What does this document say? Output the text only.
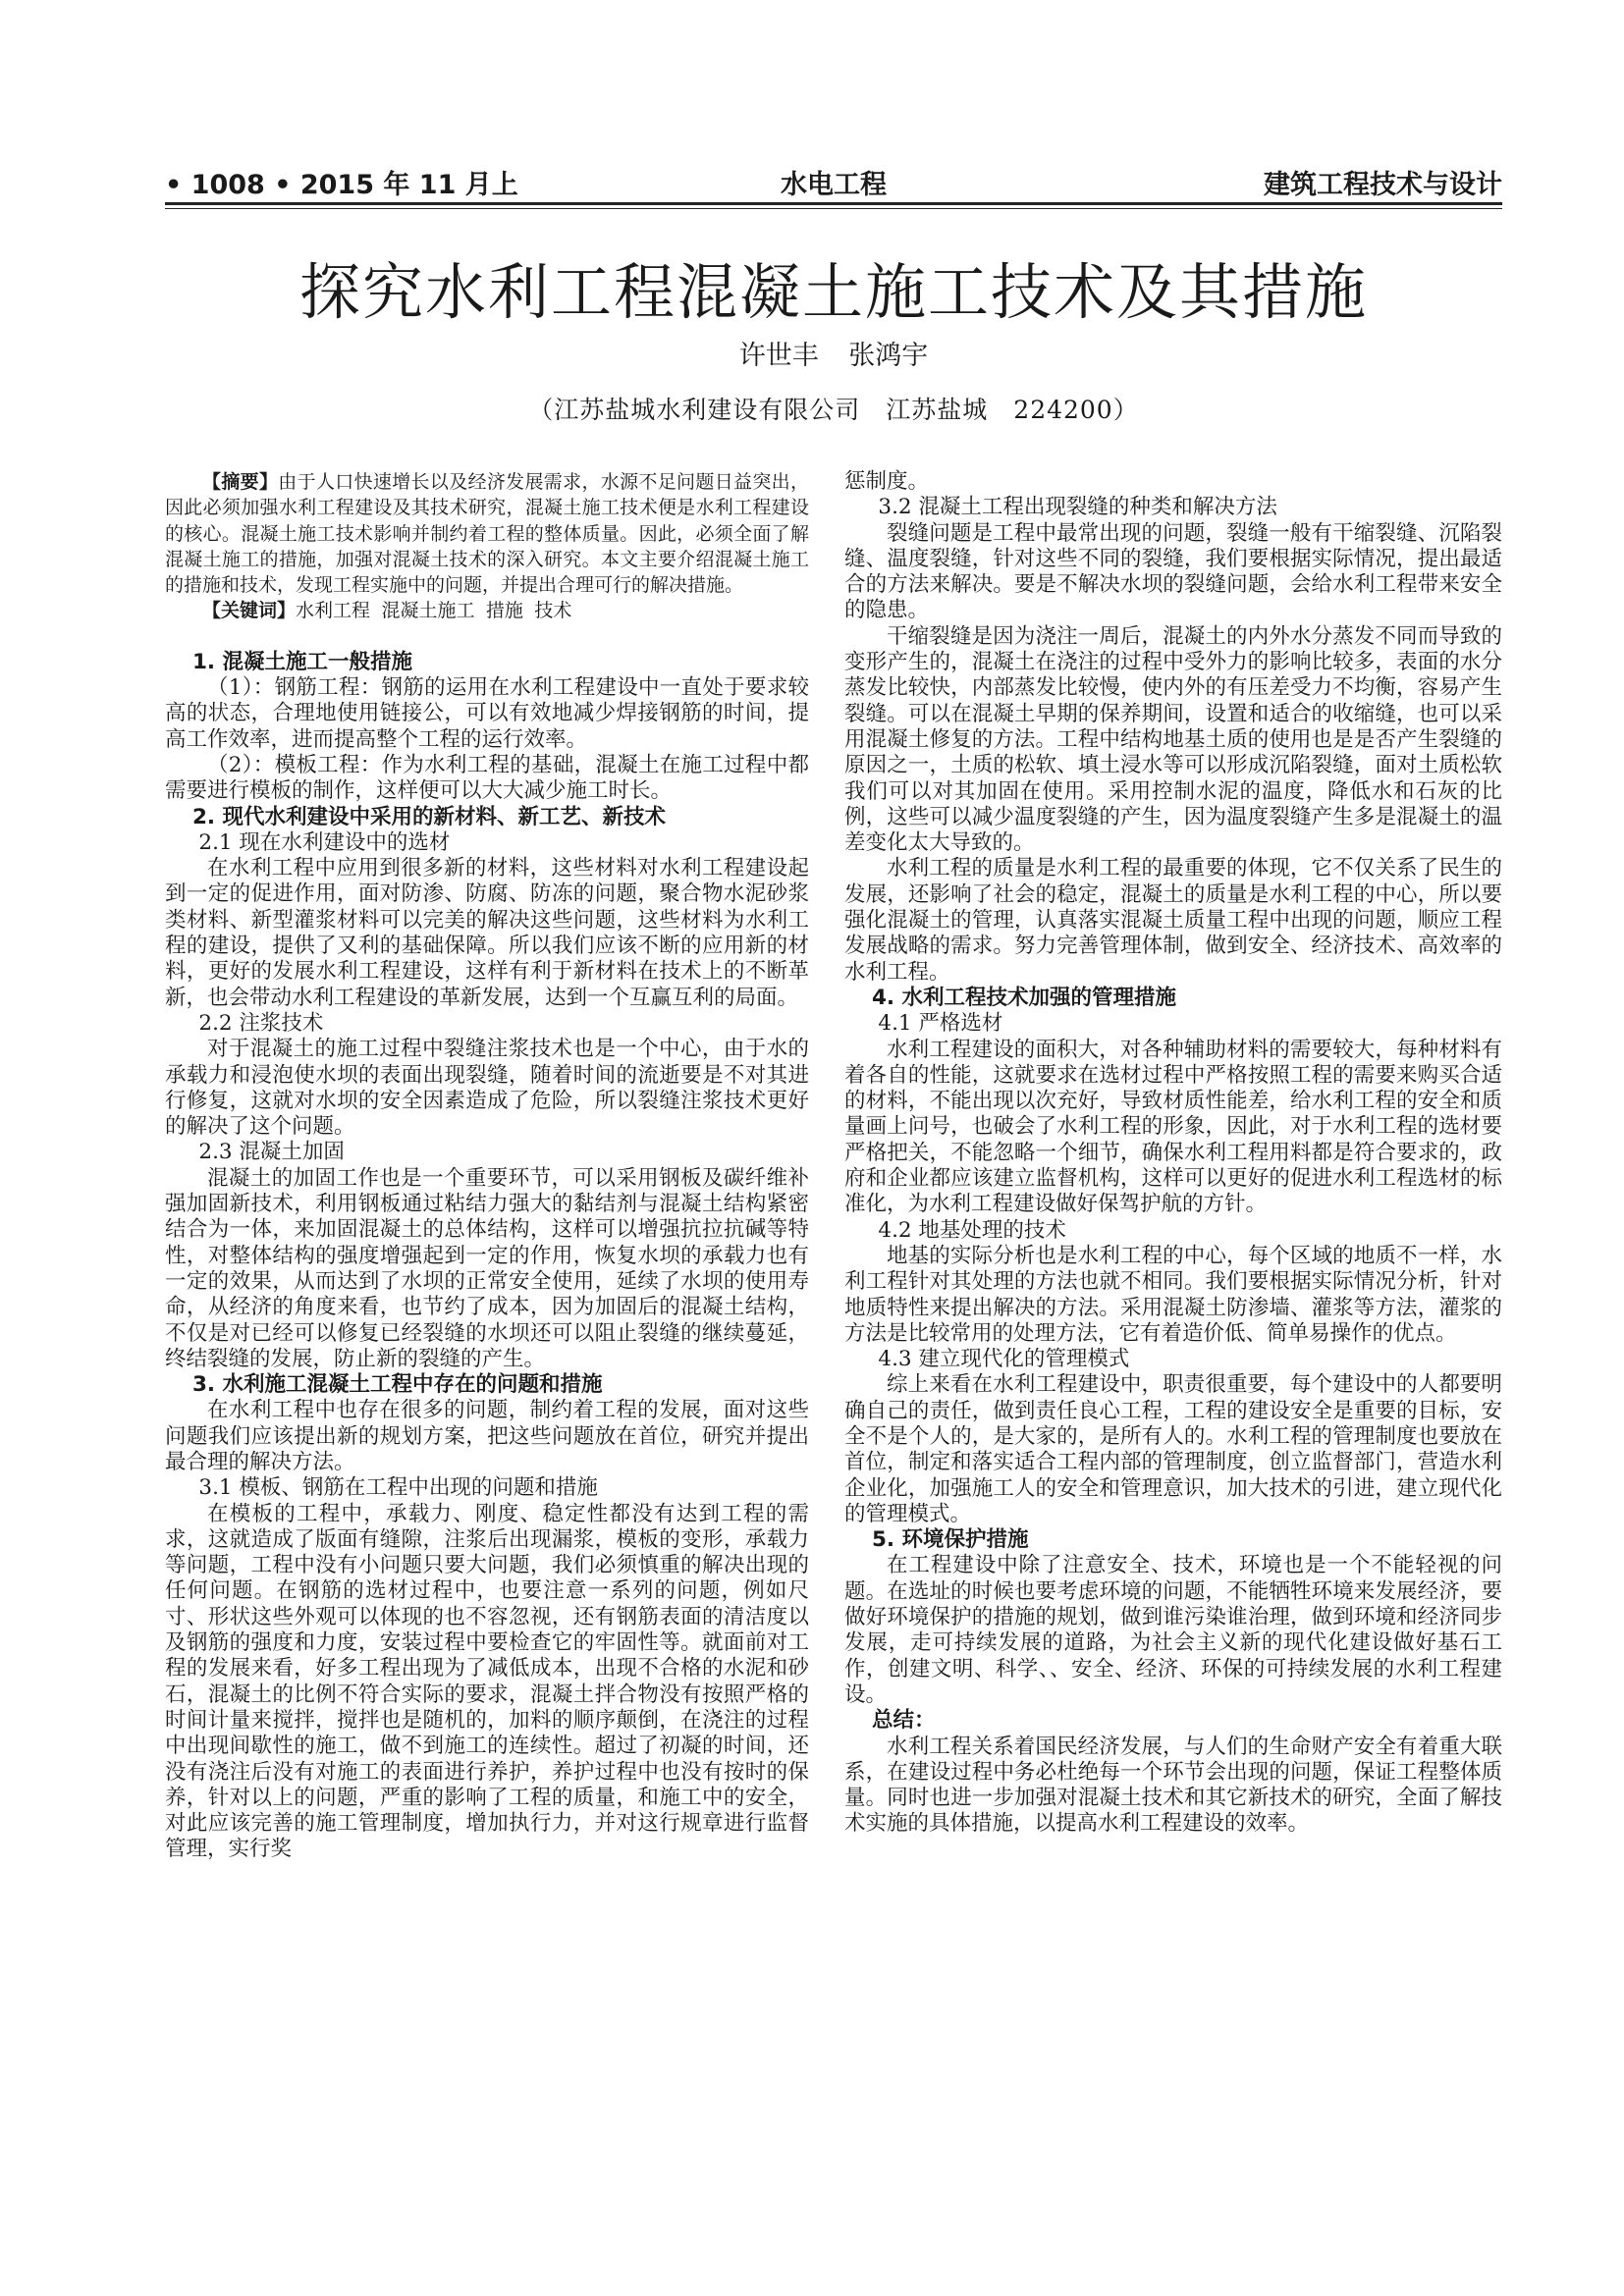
• 1008 • 2015 年 11 月上	水电工程	建筑工程技术与设计
探究水利工程混凝土施工技术及其措施
许世丰 张鸿宇
（江苏盐城水利建设有限公司　江苏盐城　224200）

【摘要】由于人口快速增长以及经济发展需求，水源不足问题日益突出，因此必须加强水利工程建设及其技术研究，混凝土施工技术便是水利工程建设的核心。混凝土施工技术影响并制约着工程的整体质量。因此，必须全面了解混凝土施工的措施，加强对混凝土技术的深入研究。本文主要介绍混凝土施工的措施和技术，发现工程实施中的问题，并提出合理可行的解决措施。

【关键词】水利工程 混凝土施工 措施 技术

1. 混凝土施工一般措施

（1）：钢筋工程：钢筋的运用在水利工程建设中一直处于要求较高的状态，合理地使用链接公，可以有效地减少焊接钢筋的时间，提高工作效率，进而提高整个工程的运行效率。

（2）：模板工程：作为水利工程的基础，混凝土在施工过程中都需要进行模板的制作，这样便可以大大减少施工时长。

2. 现代水利建设中采用的新材料、新工艺、新技术
2.1 现在水利建设中的选材

在水利工程中应用到很多新的材料，这些材料对水利工程建设起到一定的促进作用，面对防渗、防腐、防冻的问题，聚合物水泥砂浆类材料、新型灌浆材料可以完美的解决这些问题，这些材料为水利工程的建设，提供了又利的基础保障。所以我们应该不断的应用新的材料，更好的发展水利工程建设，这样有利于新材料在技术上的不断革新，也会带动水利工程建设的革新发展，达到一个互赢互利的局面。

2.2 注浆技术

对于混凝土的施工过程中裂缝注浆技术也是一个中心，由于水的承载力和浸泡使水坝的表面出现裂缝，随着时间的流逝要是不对其进行修复，这就对水坝的安全因素造成了危险，所以裂缝注浆技术更好的解决了这个问题。

2.3 混凝土加固

混凝土的加固工作也是一个重要环节，可以采用钢板及碳纤维补强加固新技术，利用钢板通过粘结力强大的黏结剂与混凝土结构紧密结合为一体，来加固混凝土的总体结构，这样可以增强抗拉抗碱等特性，对整体结构的强度增强起到一定的作用，恢复水坝的承载力也有一定的效果，从而达到了水坝的正常安全使用，延续了水坝的使用寿命，从经济的角度来看，也节约了成本，因为加固后的混凝土结构，不仅是对已经可以修复已经裂缝的水坝还可以阻止裂缝的继续蔓延，终结裂缝的发展，防止新的裂缝的产生。

3. 水利施工混凝土工程中存在的问题和措施

在水利工程中也存在很多的问题，制约着工程的发展，面对这些问题我们应该提出新的规划方案，把这些问题放在首位，研究并提出最合理的解决方法。

3.1 模板、钢筋在工程中出现的问题和措施

在模板的工程中，承载力、刚度、稳定性都没有达到工程的需求，这就造成了版面有缝隙，注浆后出现漏浆，模板的变形，承载力等问题，工程中没有小问题只要大问题，我们必须慎重的解决出现的任何问题。在钢筋的选材过程中，也要注意一系列的问题，例如尺寸、形状这些外观可以体现的也不容忽视，还有钢筋表面的清洁度以及钢筋的强度和力度，安装过程中要检查它的牢固性等。就面前对工程的发展来看，好多工程出现为了减低成本，出现不合格的水泥和砂石，混凝土的比例不符合实际的要求，混凝土拌合物没有按照严格的时间计量来搅拌，搅拌也是随机的，加料的顺序颠倒，在浇注的过程中出现间歇性的施工，做不到施工的连续性。超过了初凝的时间，还没有浇注后没有对施工的表面进行养护，养护过程中也没有按时的保养，针对以上的问题，严重的影响了工程的质量，和施工中的安全，对此应该完善的施工管理制度，增加执行力，并对这行规章进行监督管理，实行奖

惩制度。

3.2 混凝土工程出现裂缝的种类和解决方法

裂缝问题是工程中最常出现的问题，裂缝一般有干缩裂缝、沉陷裂缝、温度裂缝，针对这些不同的裂缝，我们要根据实际情况，提出最适合的方法来解决。要是不解决水坝的裂缝问题，会给水利工程带来安全的隐患。

干缩裂缝是因为浇注一周后，混凝土的内外水分蒸发不同而导致的变形产生的，混凝土在浇注的过程中受外力的影响比较多，表面的水分蒸发比较快，内部蒸发比较慢，使内外的有压差受力不均衡，容易产生裂缝。可以在混凝土早期的保养期间，设置和适合的收缩缝，也可以采用混凝土修复的方法。工程中结构地基土质的使用也是是否产生裂缝的原因之一，土质的松软、填土浸水等可以形成沉陷裂缝，面对土质松软我们可以对其加固在使用。采用控制水泥的温度，降低水和石灰的比例，这些可以减少温度裂缝的产生，因为温度裂缝产生多是混凝土的温差变化太大导致的。

水利工程的质量是水利工程的最重要的体现，它不仅关系了民生的发展，还影响了社会的稳定，混凝土的质量是水利工程的中心，所以要强化混凝土的管理，认真落实混凝土质量工程中出现的问题，顺应工程发展战略的需求。努力完善管理体制，做到安全、经济技术、高效率的水利工程。

4. 水利工程技术加强的管理措施
4.1 严格选材

水利工程建设的面积大，对各种辅助材料的需要较大，每种材料有着各自的性能，这就要求在选材过程中严格按照工程的需要来购买合适的材料，不能出现以次充好，导致材质性能差，给水利工程的安全和质量画上问号，也破会了水利工程的形象，因此，对于水利工程的选材要严格把关，不能忽略一个细节，确保水利工程用料都是符合要求的，政府和企业都应该建立监督机构，这样可以更好的促进水利工程选材的标准化，为水利工程建设做好保驾护航的方针。

4.2 地基处理的技术

地基的实际分析也是水利工程的中心，每个区域的地质不一样，水利工程针对其处理的方法也就不相同。我们要根据实际情况分析，针对地质特性来提出解决的方法。采用混凝土防渗墙、灌浆等方法，灌浆的方法是比较常用的处理方法，它有着造价低、简单易操作的优点。

4.3 建立现代化的管理模式

综上来看在水利工程建设中，职责很重要，每个建设中的人都要明确自己的责任，做到责任良心工程，工程的建设安全是重要的目标，安全不是个人的，是大家的，是所有人的。水利工程的管理制度也要放在首位，制定和落实适合工程内部的管理制度，创立监督部门，营造水利企业化，加强施工人的安全和管理意识，加大技术的引进，建立现代化的管理模式。

5. 环境保护措施

在工程建设中除了注意安全、技术，环境也是一个不能轻视的问题。在选址的时候也要考虑环境的问题，不能牺牲环境来发展经济，要做好环境保护的措施的规划，做到谁污染谁治理，做到环境和经济同步发展，走可持续发展的道路，为社会主义新的现代化建设做好基石工作，创建文明、科学、、安全、经济、环保的可持续发展的水利工程建设。

总结：

水利工程关系着国民经济发展，与人们的生命财产安全有着重大联系，在建设过程中务必杜绝每一个环节会出现的问题，保证工程整体质量。同时也进一步加强对混凝土技术和其它新技术的研究，全面了解技术实施的具体措施，以提高水利工程建设的效率。
